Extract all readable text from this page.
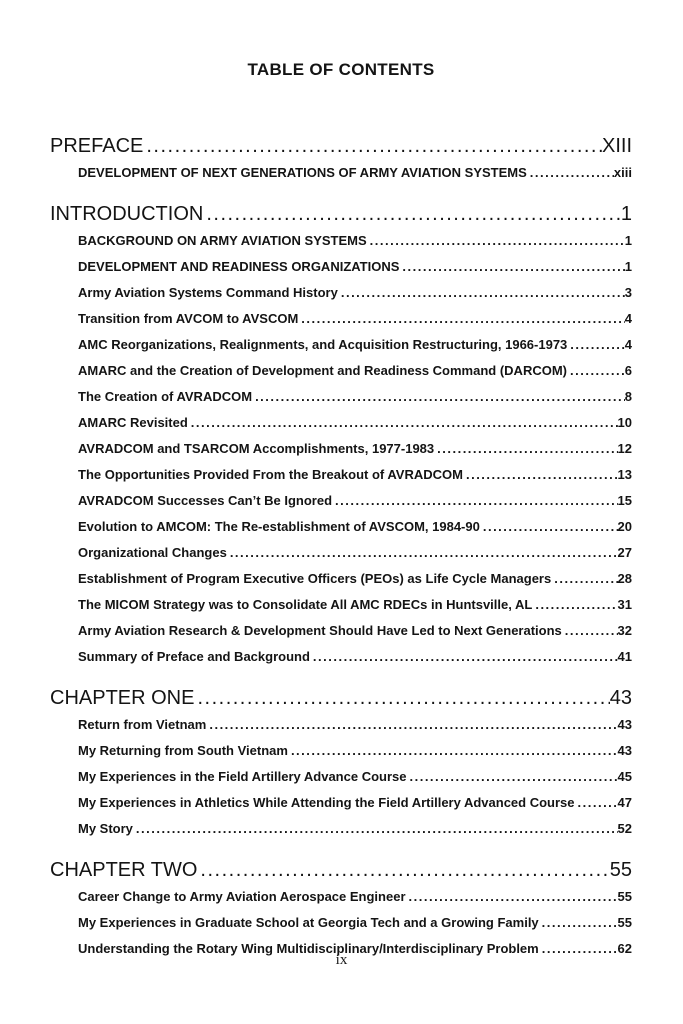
TABLE OF CONTENTS
PREFACE .....	XIII
DEVELOPMENT OF NEXT GENERATIONS OF ARMY AVIATION SYSTEMS .....	xiii
INTRODUCTION .....	1
BACKGROUND ON ARMY AVIATION SYSTEMS .....	1
DEVELOPMENT AND READINESS ORGANIZATIONS .....	1
Army Aviation Systems Command History .....	3
Transition from AVCOM to AVSCOM .....	4
AMC Reorganizations, Realignments, and Acquisition Restructuring, 1966-1973 .....	4
AMARC and the Creation of Development and Readiness Command (DARCOM) .....	6
The Creation of AVRADCOM .....	8
AMARC Revisited .....	10
AVRADCOM and TSARCOM Accomplishments, 1977-1983 .....	12
The Opportunities Provided From the Breakout of AVRADCOM .....	13
AVRADCOM Successes Can’t Be Ignored .....	15
Evolution to AMCOM: The Re-establishment of AVSCOM, 1984-90 .....	20
Organizational Changes .....	27
Establishment of Program Executive Officers (PEOs) as Life Cycle Managers .....	28
The MICOM Strategy was to Consolidate All AMC RDECs in Huntsville, AL .....	31
Army Aviation Research & Development Should Have Led to Next Generations .....	32
Summary of Preface and Background .....	41
CHAPTER ONE .....	43
Return from Vietnam .....	43
My Returning from South Vietnam .....	43
My Experiences in the Field Artillery Advance Course .....	45
My Experiences in Athletics While Attending the Field Artillery Advanced Course .....	47
My Story .....	52
CHAPTER TWO .....	55
Career Change to Army Aviation Aerospace Engineer .....	55
My Experiences in Graduate School at Georgia Tech and a Growing Family .....	55
Understanding the Rotary Wing Multidisciplinary/Interdisciplinary Problem .....	62
ix
